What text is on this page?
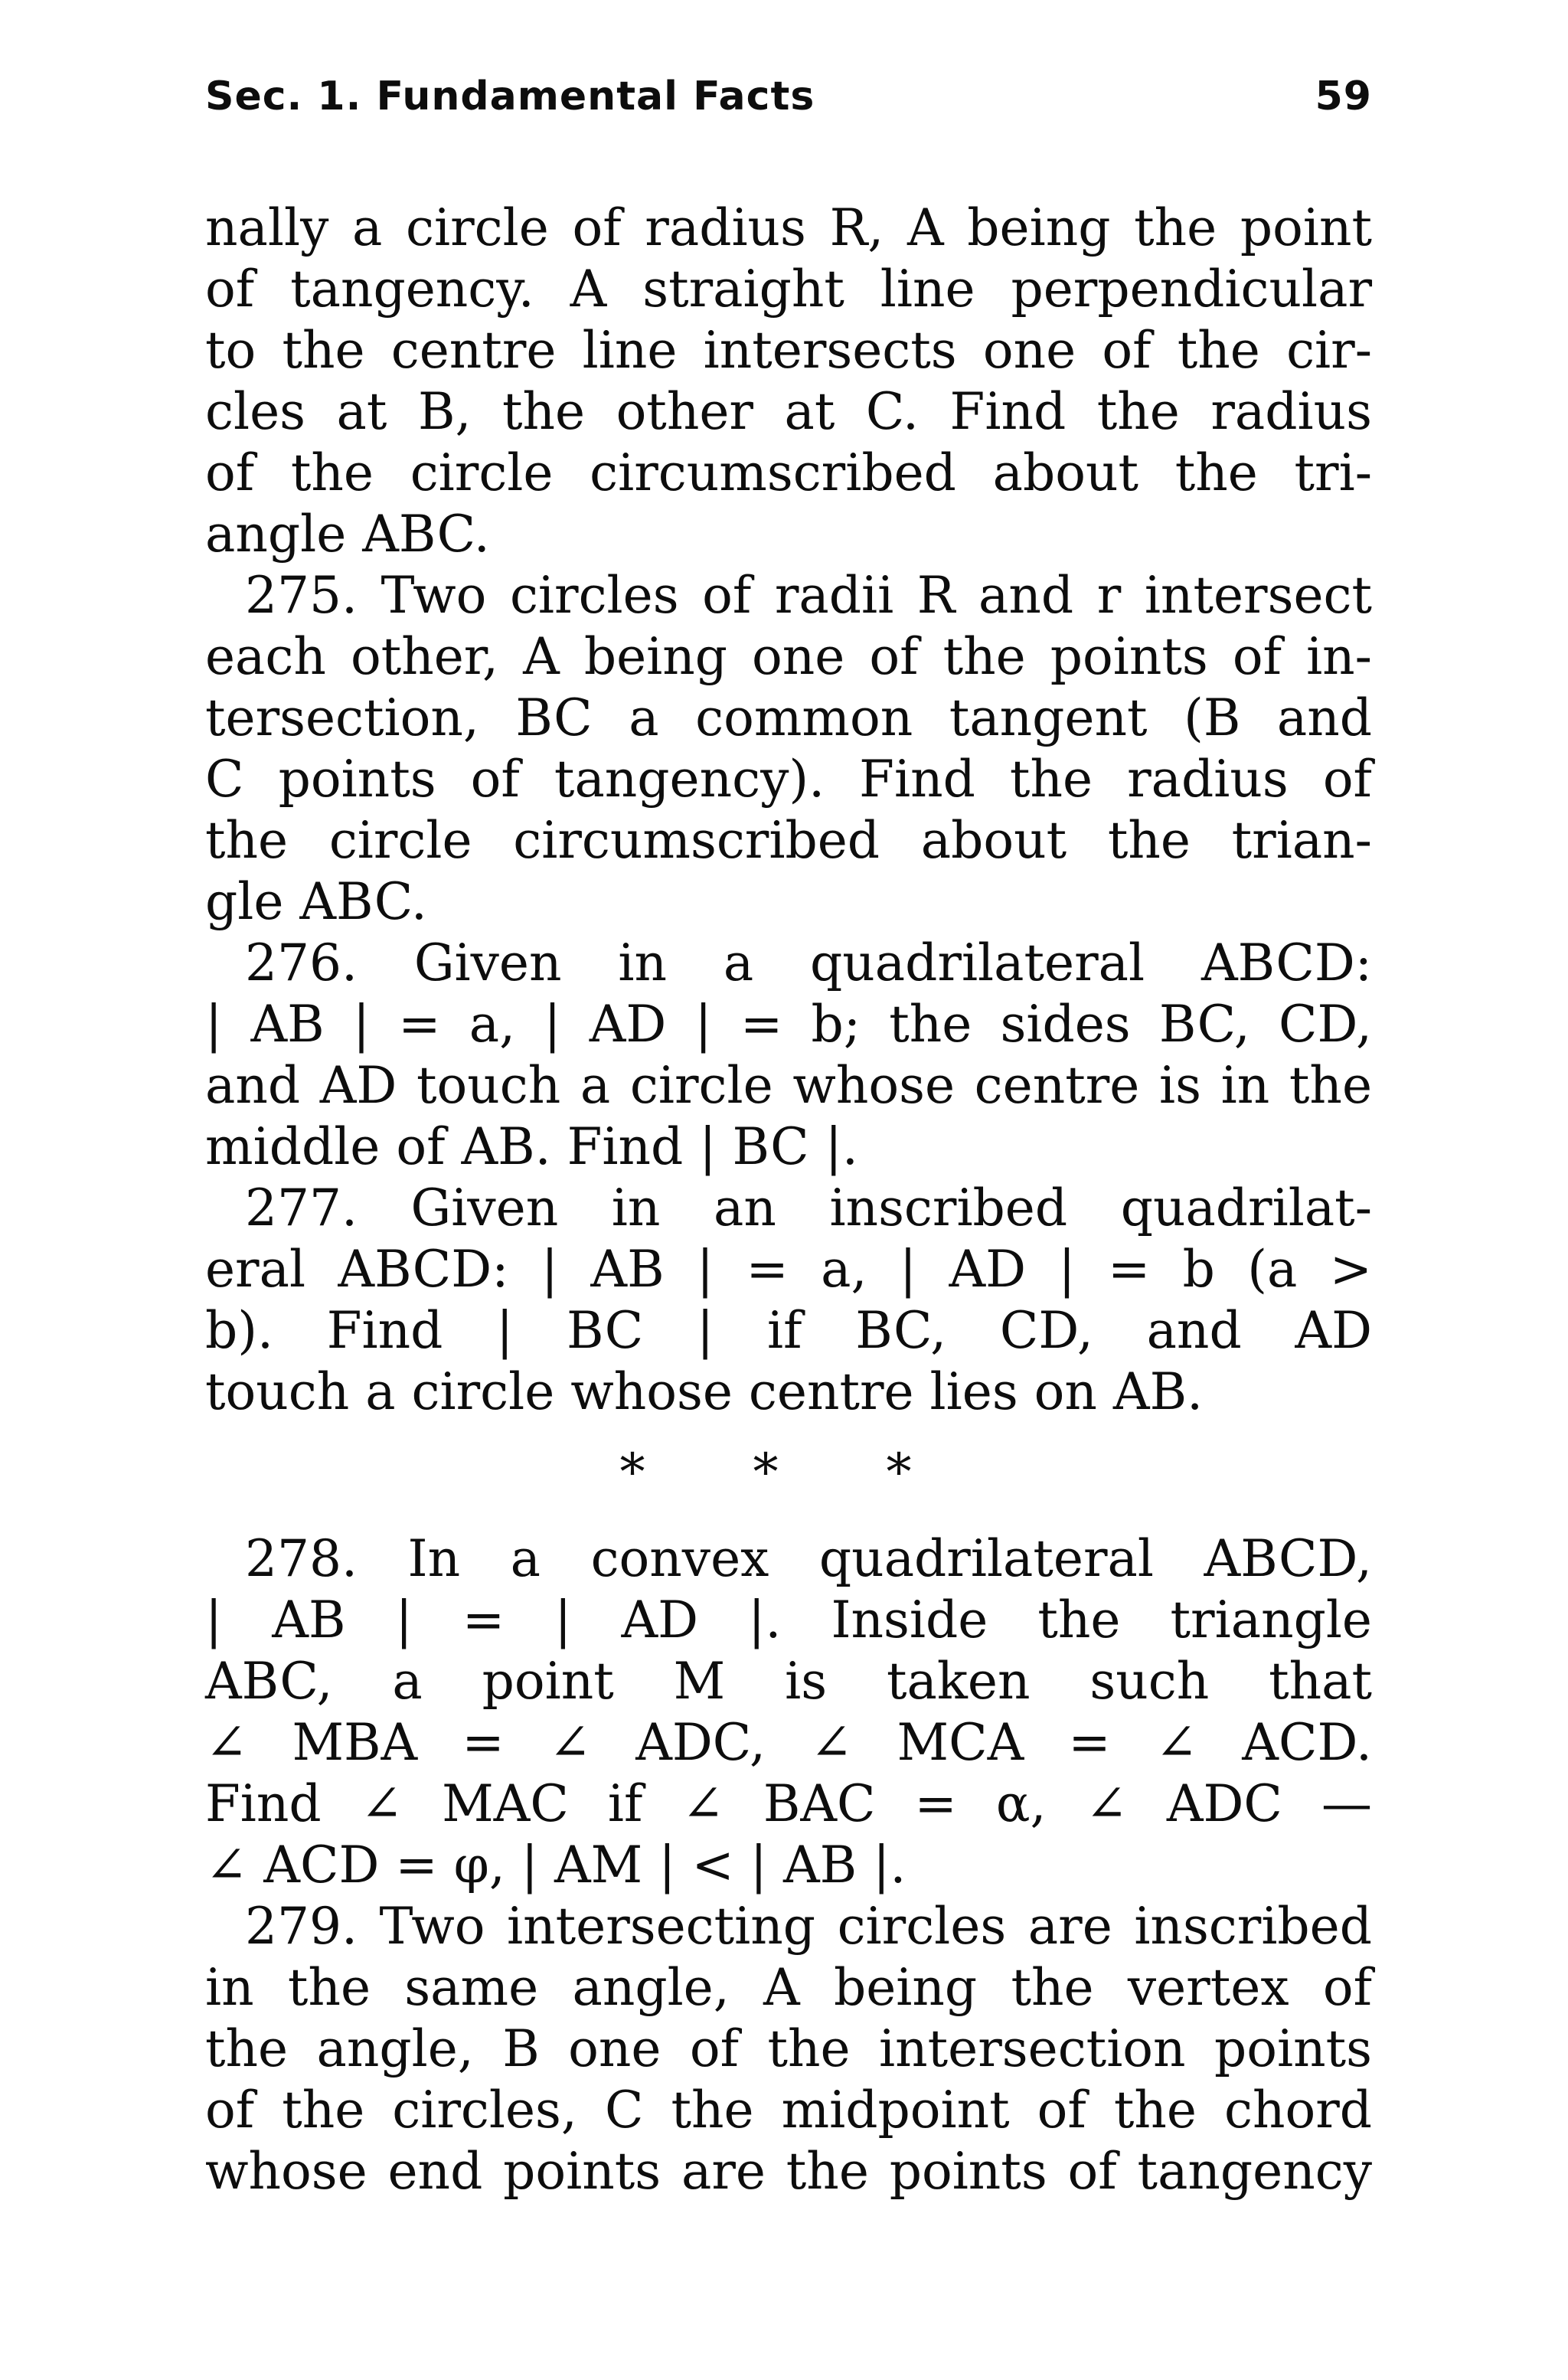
Sec. 1. Fundamental Facts	59
nally a circle of radius R, A being the point
of tangency. A straight line perpendicular
to the centre line intersects one of the cir-
cles at B, the other at C. Find the radius
of the circle circumscribed about the tri-
angle ABC.
275. Two circles of radii R and r intersect
each other, A being one of the points of in-
tersection, BC a common tangent (B and
C points of tangency). Find the radius of
the circle circumscribed about the trian-
gle ABC.
276. Given in a quadrilateral ABCD:
| AB | = a, | AD | = b; the sides BC, CD,
and AD touch a circle whose centre is in the
middle of AB. Find | BC |.
277. Given in an inscribed quadrilat-
eral ABCD: | AB | = a, | AD | = b (a >
b). Find | BC | if BC, CD, and AD
touch a circle whose centre lies on AB.
* * *
278. In a convex quadrilateral ABCD,
| AB | = | AD |. Inside the triangle
ABC, a point M is taken such that
∠ MBA = ∠ ADC, ∠ MCA = ∠ ACD.
Find ∠ MAC if ∠ BAC = α, ∠ ADC —
∠ ACD = φ, | AM | < | AB |.
279. Two intersecting circles are inscribed
in the same angle, A being the vertex of
the angle, B one of the intersection points
of the circles, C the midpoint of the chord
whose end points are the points of tangency
